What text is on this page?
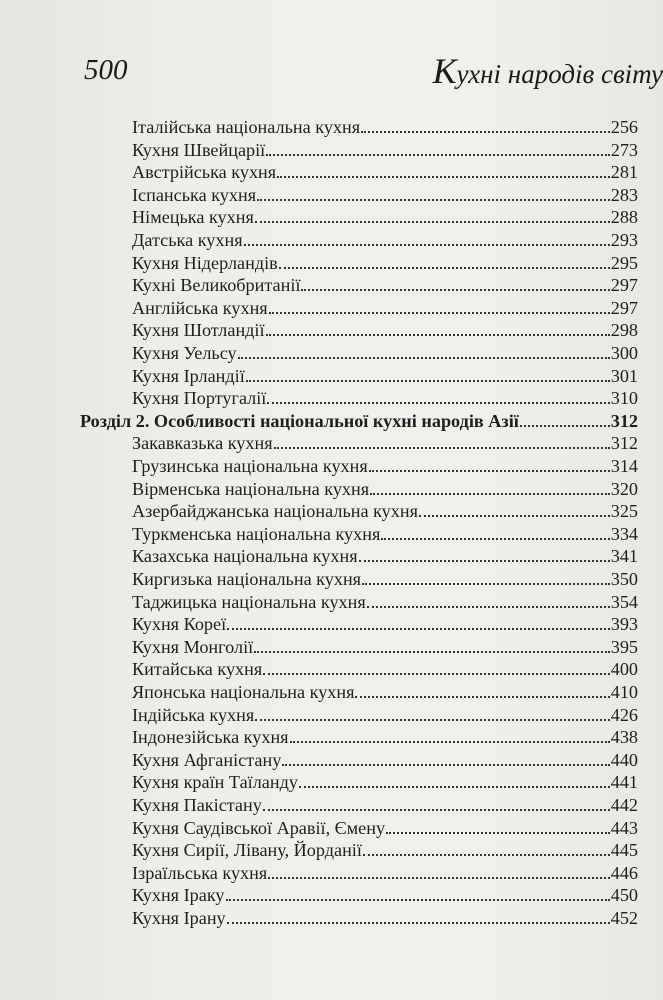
500	Кухні народів світу
Італійська національна кухня	256
Кухня Швейцарії	273
Австрійська кухня	281
Іспанська кухня	283
Німецька кухня	288
Датська кухня	293
Кухня Нідерландів	295
Кухні Великобританії	297
Англійська кухня	297
Кухня Шотландії	298
Кухня Уельсу	300
Кухня Ірландії	301
Кухня Португалії	310
Розділ 2. Особливості національної кухні народів Азії	312
Закавказька кухня	312
Грузинська національна кухня	314
Вірменська національна кухня	320
Азербайджанська національна кухня	325
Туркменська національна кухня	334
Казахська національна кухня	341
Киргизька національна кухня	350
Таджицька національна кухня	354
Кухня Кореї	393
Кухня Монголії	395
Китайська кухня	400
Японська національна кухня	410
Індійська кухня	426
Індонезійська кухня	438
Кухня Афганістану	440
Кухня країн Таїланду	441
Кухня Пакістану	442
Кухня Саудівської Аравії, Ємену	443
Кухня Сирії, Лівану, Йорданії	445
Ізраїльська кухня	446
Кухня Іраку	450
Кухня Ірану	452
